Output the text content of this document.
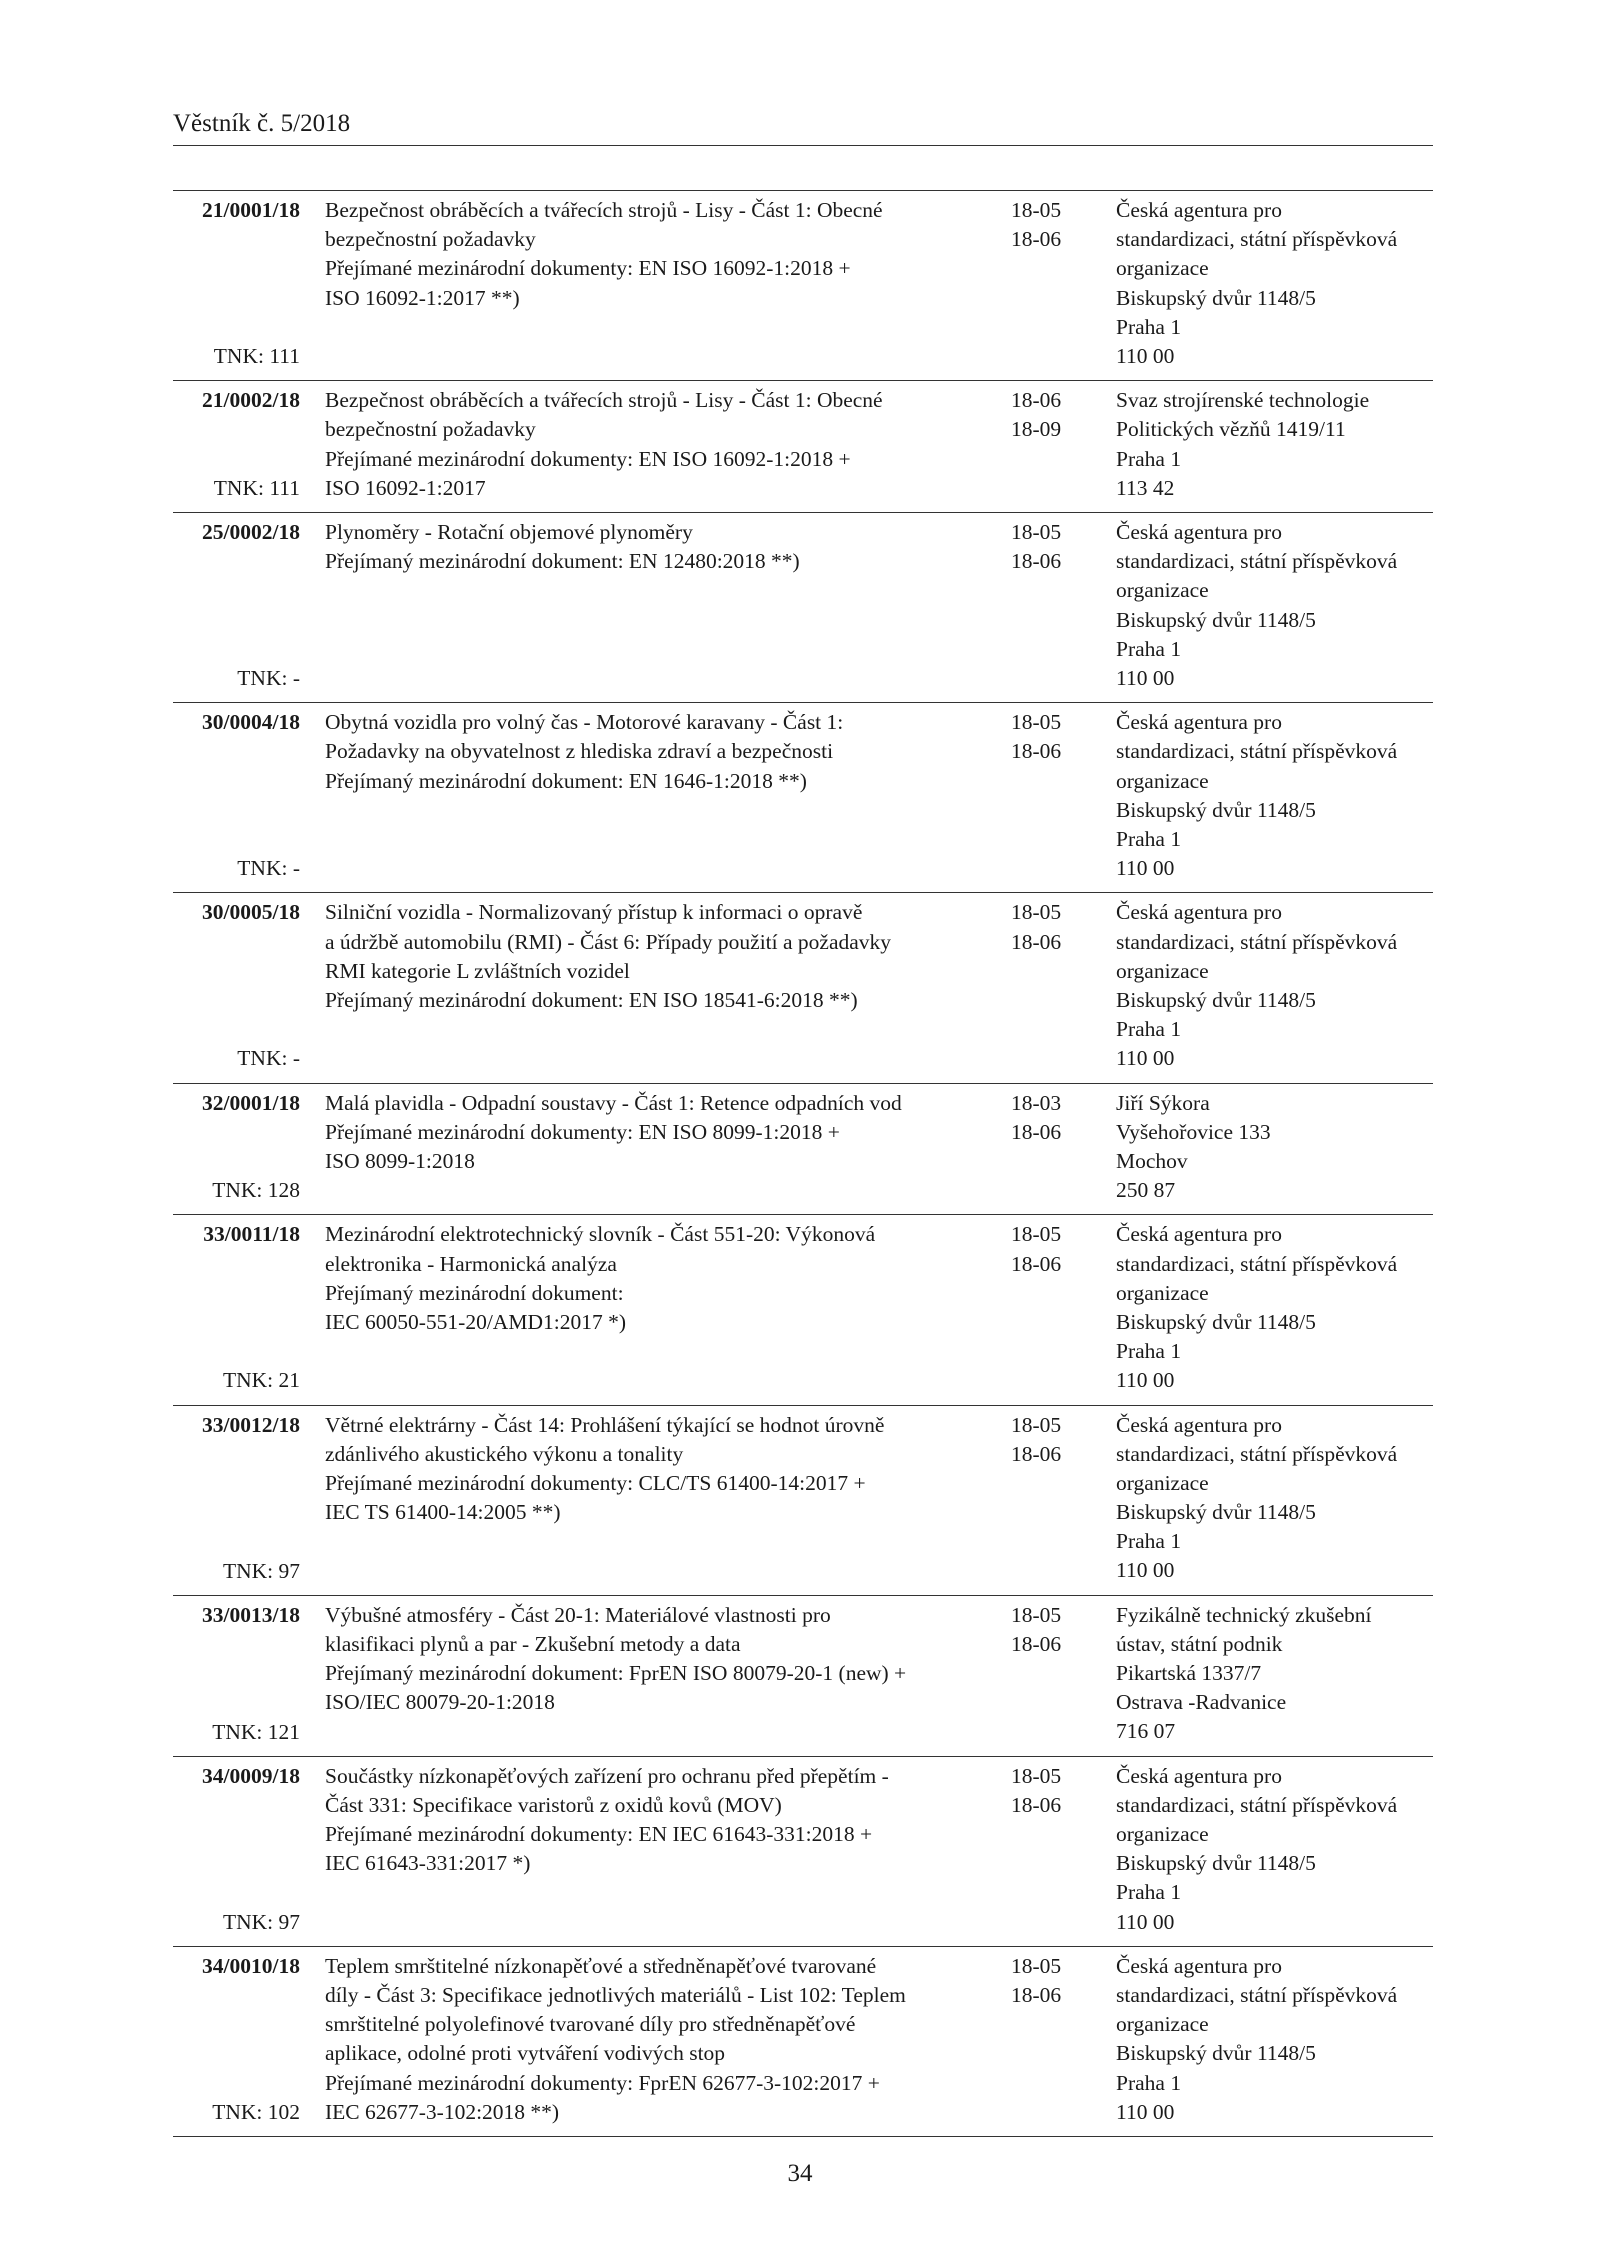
Věstník č. 5/2018
21/0001/18
TNK: 111
Bezpečnost obráběcích a tvářecích strojů - Lisy - Část 1: Obecné
bezpečnostní požadavky
Přejímané mezinárodní dokumenty: EN ISO 16092-1:2018 +
ISO 16092-1:2017 **)
18-05
18-06
Česká agentura pro
standardizaci, státní příspěvková
organizace
Biskupský dvůr 1148/5
Praha 1
110 00
21/0002/18
TNK: 111
Bezpečnost obráběcích a tvářecích strojů - Lisy - Část 1: Obecné
bezpečnostní požadavky
Přejímané mezinárodní dokumenty: EN ISO 16092-1:2018 +
ISO 16092-1:2017
18-06
18-09
Svaz strojírenské technologie
Politických vězňů 1419/11
Praha 1
113 42
25/0002/18
TNK: -
Plynoměry - Rotační objemové plynoměry
Přejímaný mezinárodní dokument: EN 12480:2018 **)
18-05
18-06
Česká agentura pro
standardizaci, státní příspěvková
organizace
Biskupský dvůr 1148/5
Praha 1
110 00
30/0004/18
TNK: -
Obytná vozidla pro volný čas - Motorové karavany - Část 1:
Požadavky na obyvatelnost z hlediska zdraví a bezpečnosti
Přejímaný mezinárodní dokument: EN 1646-1:2018 **)
18-05
18-06
Česká agentura pro
standardizaci, státní příspěvková
organizace
Biskupský dvůr 1148/5
Praha 1
110 00
30/0005/18
TNK: -
Silniční vozidla - Normalizovaný přístup k informaci o opravě
a údržbě automobilu (RMI) - Část 6: Případy použití a požadavky
RMI kategorie L zvláštních vozidel
Přejímaný mezinárodní dokument: EN ISO 18541-6:2018 **)
18-05
18-06
Česká agentura pro
standardizaci, státní příspěvková
organizace
Biskupský dvůr 1148/5
Praha 1
110 00
32/0001/18
TNK: 128
Malá plavidla - Odpadní soustavy - Část 1: Retence odpadních vod
Přejímané mezinárodní dokumenty: EN ISO 8099-1:2018 +
ISO 8099-1:2018
18-03
18-06
Jiří Sýkora
Vyšehořovice 133
Mochov
250 87
33/0011/18
TNK: 21
Mezinárodní elektrotechnický slovník - Část 551-20: Výkonová
elektronika - Harmonická analýza
Přejímaný mezinárodní dokument:
IEC 60050-551-20/AMD1:2017 *)
18-05
18-06
Česká agentura pro
standardizaci, státní příspěvková
organizace
Biskupský dvůr 1148/5
Praha 1
110 00
33/0012/18
TNK: 97
Větrné elektrárny - Část 14: Prohlášení týkající se hodnot úrovně
zdánlivého akustického výkonu a tonality
Přejímané mezinárodní dokumenty: CLC/TS 61400-14:2017 +
IEC TS 61400-14:2005 **)
18-05
18-06
Česká agentura pro
standardizaci, státní příspěvková
organizace
Biskupský dvůr 1148/5
Praha 1
110 00
33/0013/18
TNK: 121
Výbušné atmosféry - Část 20-1: Materiálové vlastnosti pro
klasifikaci plynů a par - Zkušební metody a data
Přejímaný mezinárodní dokument: FprEN ISO 80079-20-1 (new) +
ISO/IEC 80079-20-1:2018
18-05
18-06
Fyzikálně technický zkušební
ústav, státní podnik
Pikartská 1337/7
Ostrava -Radvanice
716 07
34/0009/18
TNK: 97
Součástky nízkonapěťových zařízení pro ochranu před přepětím -
Část 331: Specifikace varistorů z oxidů kovů (MOV)
Přejímané mezinárodní dokumenty: EN IEC 61643-331:2018 +
IEC 61643-331:2017 *)
18-05
18-06
Česká agentura pro
standardizaci, státní příspěvková
organizace
Biskupský dvůr 1148/5
Praha 1
110 00
34/0010/18
TNK: 102
Teplem smrštitelné nízkonapěťové a středněnapěťové tvarované
díly - Část 3: Specifikace jednotlivých materiálů - List 102: Teplem
smrštitelné polyolefinové tvarované díly pro středněnapěťové
aplikace, odolné proti vytváření vodivých stop
Přejímané mezinárodní dokumenty: FprEN 62677-3-102:2017 +
IEC 62677-3-102:2018 **)
18-05
18-06
Česká agentura pro
standardizaci, státní příspěvková
organizace
Biskupský dvůr 1148/5
Praha 1
110 00
34
